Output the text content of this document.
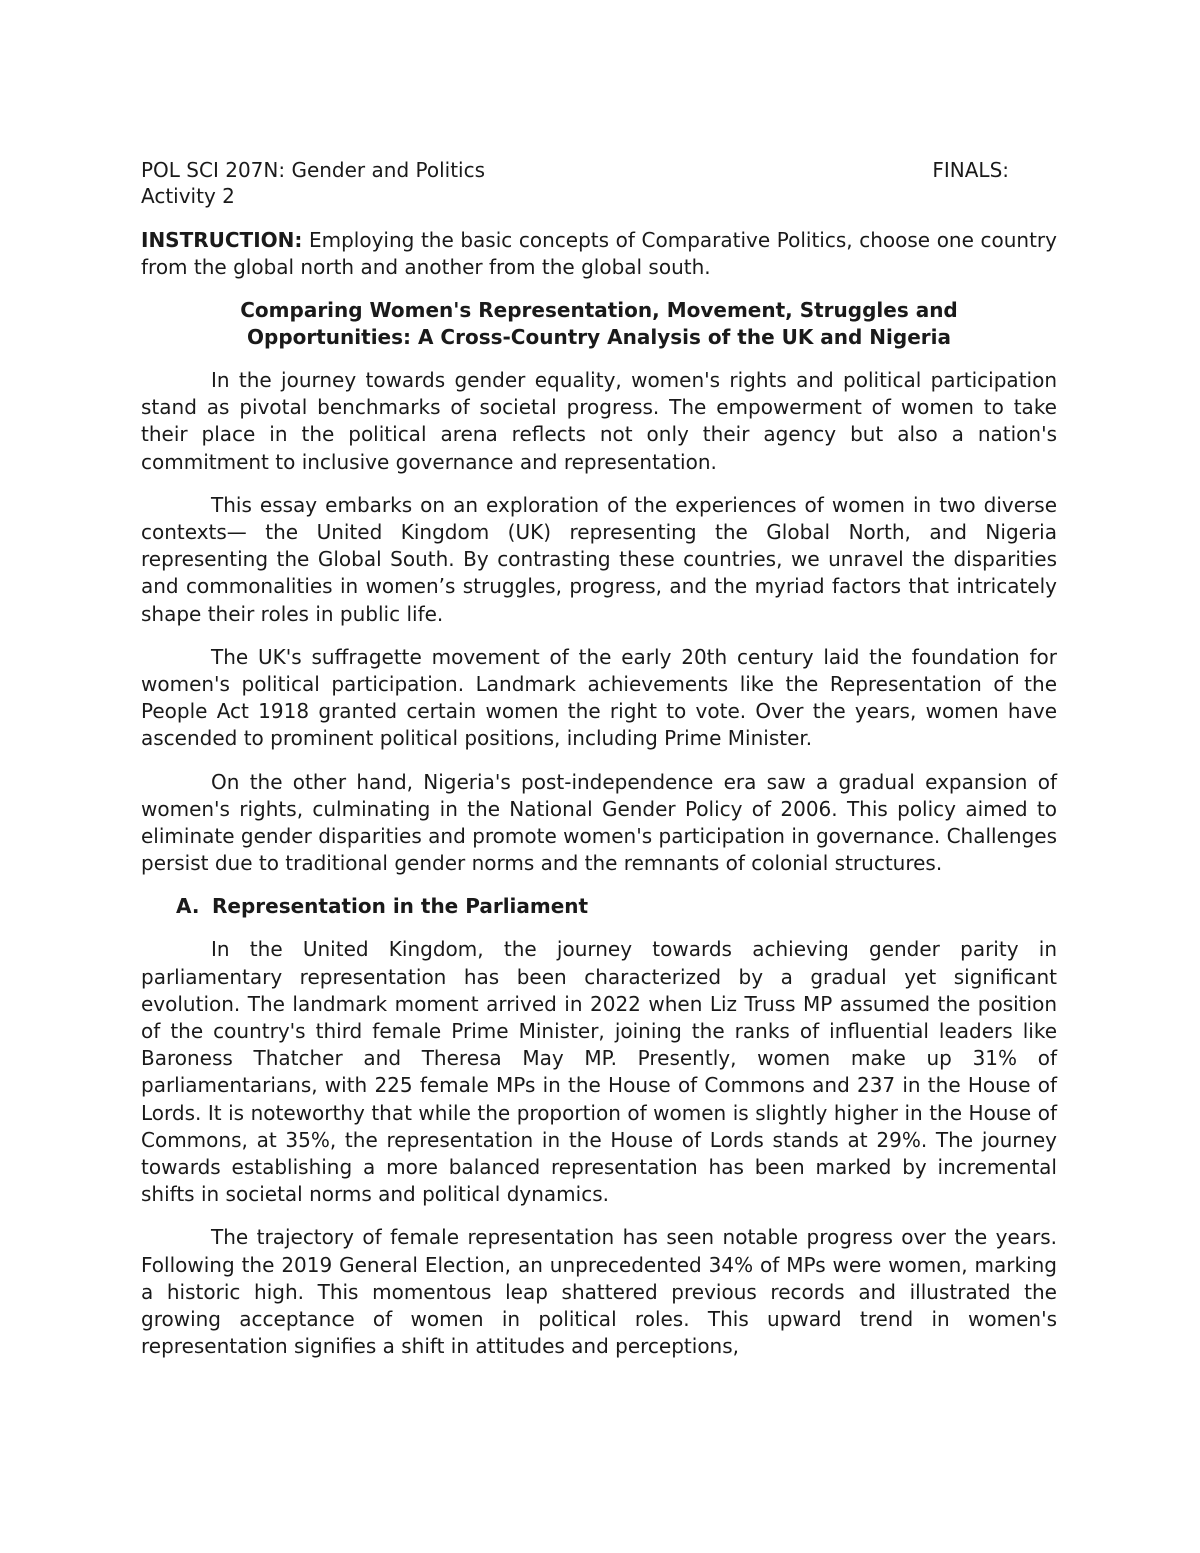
POL SCI 207N: Gender and Politics	FINALS:
Activity 2
INSTRUCTION: Employing the basic concepts of Comparative Politics, choose one country from the global north and another from the global south.
Comparing Women's Representation, Movement, Struggles and
Opportunities: A Cross-Country Analysis of the UK and Nigeria

In the journey towards gender equality, women's rights and political participation stand as pivotal benchmarks of societal progress. The empowerment of women to take their place in the political arena reflects not only their agency but also a nation's commitment to inclusive governance and representation.

This essay embarks on an exploration of the experiences of women in two diverse contexts— the United Kingdom (UK) representing the Global North, and Nigeria representing the Global South. By contrasting these countries, we unravel the disparities and commonalities in women’s struggles, progress, and the myriad factors that intricately shape their roles in public life.

The UK's suffragette movement of the early 20th century laid the foundation for women's political participation. Landmark achievements like the Representation of the People Act 1918 granted certain women the right to vote. Over the years, women have ascended to prominent political positions, including Prime Minister.

On the other hand, Nigeria's post-independence era saw a gradual expansion of women's rights, culminating in the National Gender Policy of 2006. This policy aimed to eliminate gender disparities and promote women's participation in governance. Challenges persist due to traditional gender norms and the remnants of colonial structures.

A. Representation in the Parliament

In the United Kingdom, the journey towards achieving gender parity in parliamentary representation has been characterized by a gradual yet significant evolution. The landmark moment arrived in 2022 when Liz Truss MP assumed the position of the country's third female Prime Minister, joining the ranks of influential leaders like Baroness Thatcher and Theresa May MP. Presently, women make up 31% of parliamentarians, with 225 female MPs in the House of Commons and 237 in the House of Lords. It is noteworthy that while the proportion of women is slightly higher in the House of Commons, at 35%, the representation in the House of Lords stands at 29%. The journey towards establishing a more balanced representation has been marked by incremental shifts in societal norms and political dynamics.

The trajectory of female representation has seen notable progress over the years. Following the 2019 General Election, an unprecedented 34% of MPs were women, marking a historic high. This momentous leap shattered previous records and illustrated the growing acceptance of women in political roles. This upward trend in women's representation signifies a shift in attitudes and perceptions,
